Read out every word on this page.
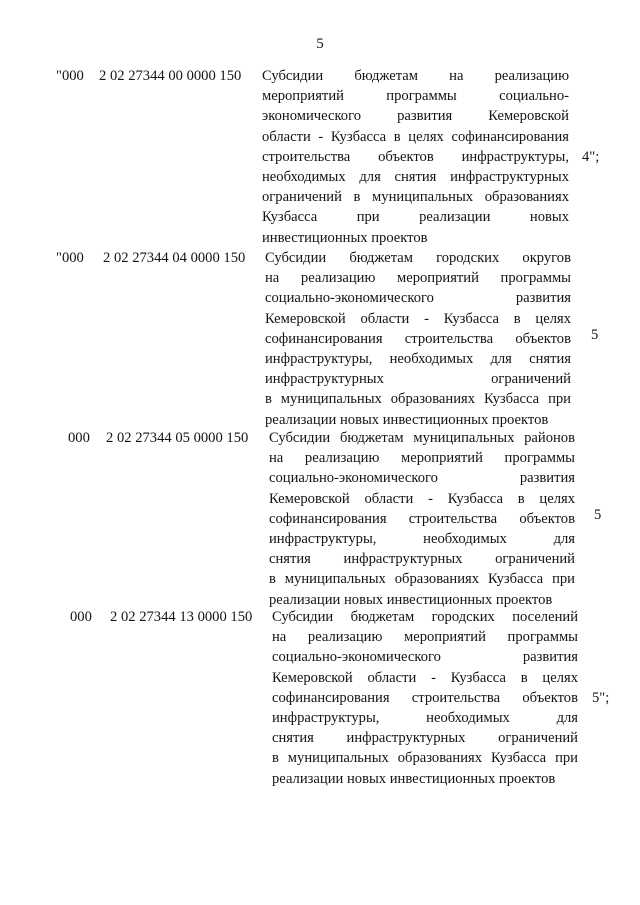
5
"000 2 02 27344 00 0000 150 Субсидии бюджетам на реализацию
мероприятий программы социально-
экономического развития Кемеровской
области - Кузбасса в целях софинансирования
строительства объектов инфраструктуры,
необходимых для снятия инфраструктурных
ограничений в муниципальных образованиях
Кузбасса при реализации новых
инвестиционных проектов
4";
"000 2 02 27344 04 0000 150 Субсидии бюджетам городских округов
на реализацию мероприятий программы
социально-экономического развития
Кемеровской области - Кузбасса в целях
софинансирования строительства объектов
инфраструктуры, необходимых для снятия
инфраструктурных ограничений
в муниципальных образованиях Кузбасса при
реализации новых инвестиционных проектов
5
000 2 02 27344 05 0000 150 Субсидии бюджетам муниципальных районов
на реализацию мероприятий программы
социально-экономического развития
Кемеровской области - Кузбасса в целях
софинансирования строительства объектов
инфраструктуры, необходимых для
снятия инфраструктурных ограничений
в муниципальных образованиях Кузбасса при
реализации новых инвестиционных проектов
5
000 2 02 27344 13 0000 150 Субсидии бюджетам городских поселений
на реализацию мероприятий программы
социально-экономического развития
Кемеровской области - Кузбасса в целях
софинансирования строительства объектов
инфраструктуры, необходимых для
снятия инфраструктурных ограничений
в муниципальных образованиях Кузбасса при
реализации новых инвестиционных проектов
5";
